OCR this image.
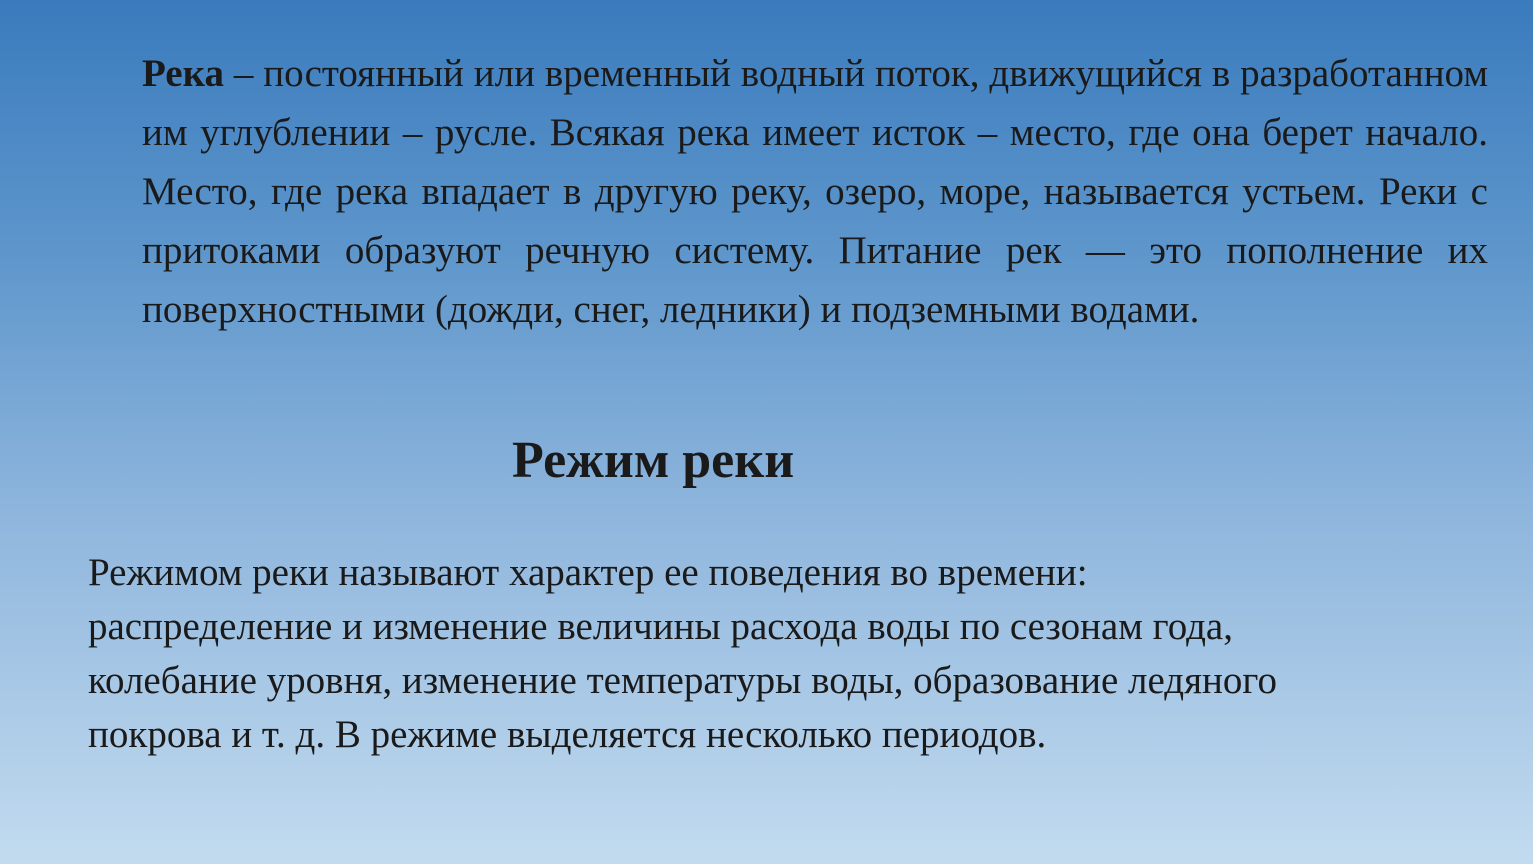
Река – постоянный или временный водный поток, движущийся в разработанном им углублении – русле. Всякая река имеет исток – место, где она берет начало. Место, где река впадает в другую реку, озеро, море, называется устьем. Реки с притоками образуют речную систему. Питание рек — это пополнение их поверхностными (дожди, снег, ледники) и подземными водами.

Режим реки

Режимом реки называют характер ее поведения во времени:
распределение и изменение величины расхода воды по сезонам года,
колебание уровня, изменение температуры воды, образование ледяного
покрова и т. д. В режиме выделяется несколько периодов.
